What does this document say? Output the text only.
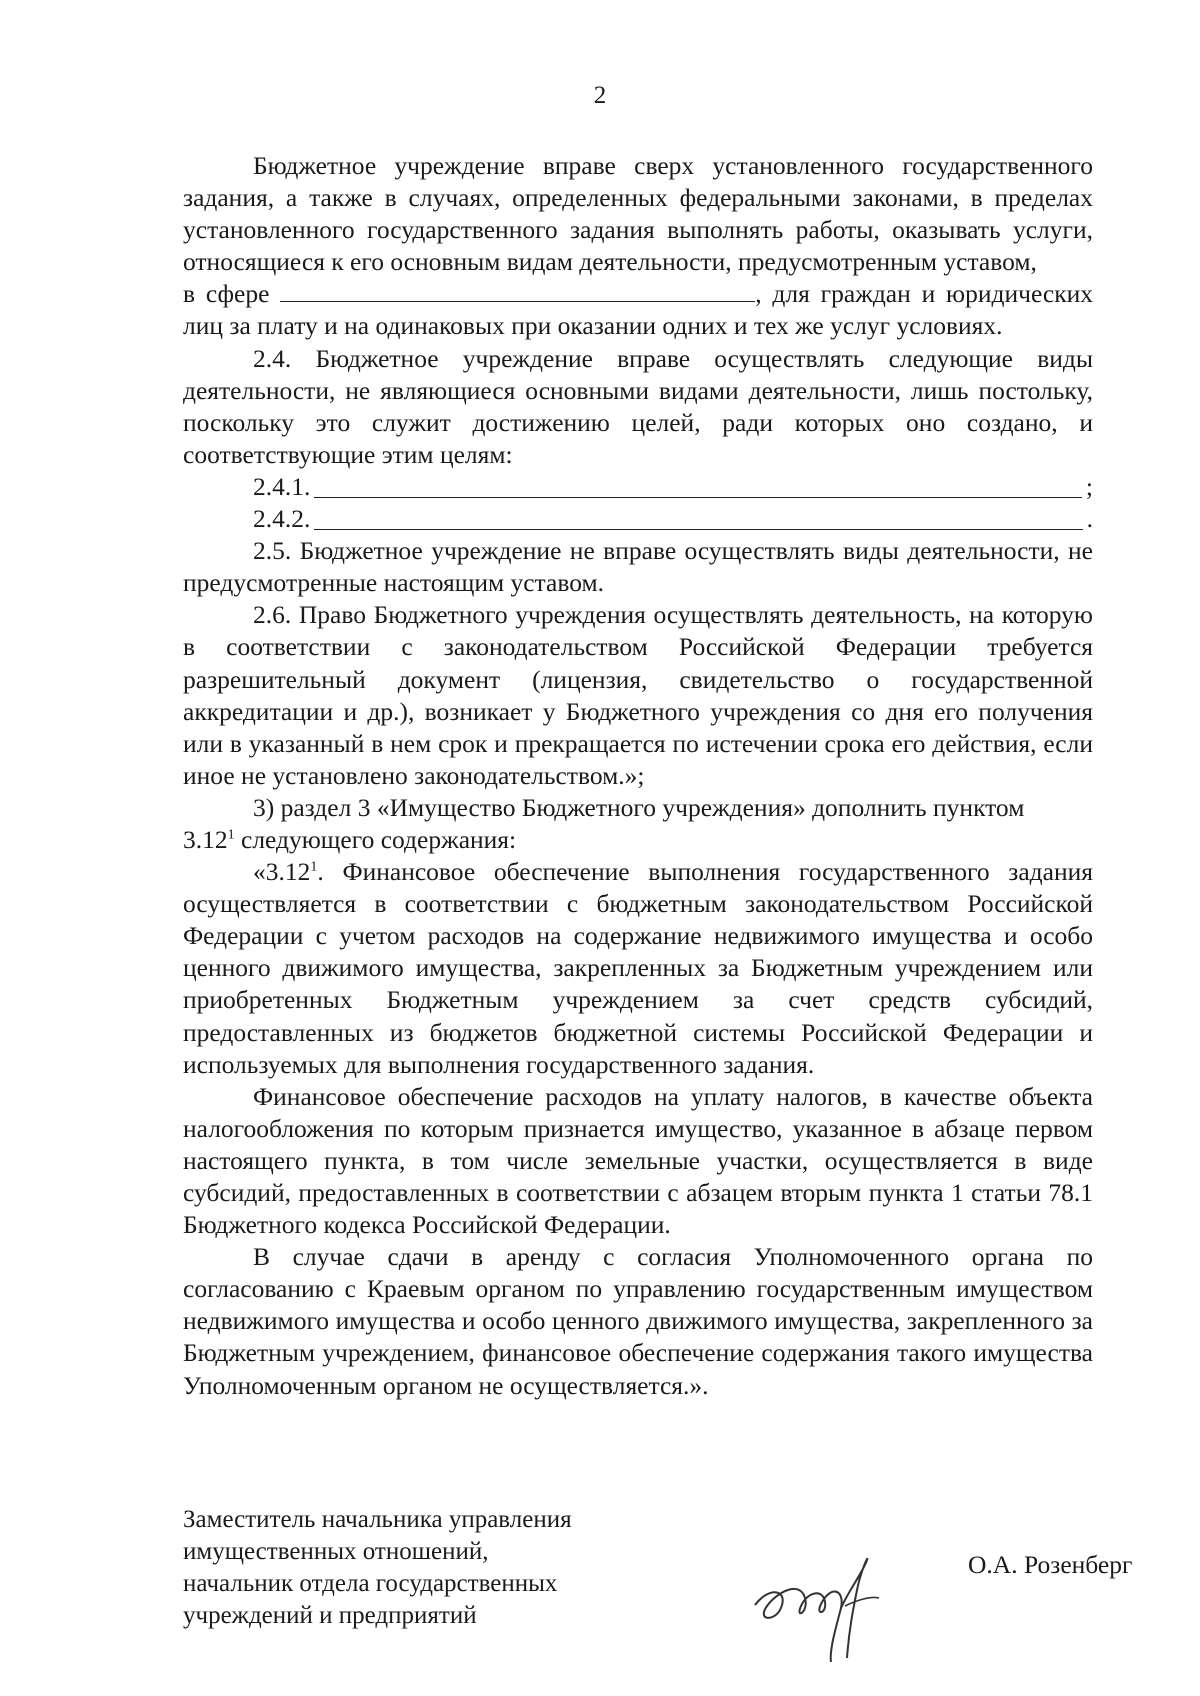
2

Бюджетное учреждение вправе сверх установленного государственного задания, а также в случаях, определенных федеральными законами, в пределах установленного государственного задания выполнять работы, оказывать услуги, относящиеся к его основным видам деятельности, предусмотренным уставом,

в сфере	, для граждан и юридических лиц за плату и на одинаковых при оказании одних и тех же услуг условиях.

2.4. Бюджетное учреждение вправе осуществлять следующие виды деятельности, не являющиеся основными видами деятельности, лишь постольку, поскольку это служит достижению целей, ради которых оно создано, и соответствующие этим целям:

2.4.1.	;
2.4.2.	.

2.5. Бюджетное учреждение не вправе осуществлять виды деятельности, не предусмотренные настоящим уставом.

2.6. Право Бюджетного учреждения осуществлять деятельность, на которую в соответствии с законодательством Российской Федерации требуется разрешительный документ (лицензия, свидетельство о государственной аккредитации и др.), возникает у Бюджетного учреждения со дня его получения или в указанный в нем срок и прекращается по истечении срока его действия, если иное не установлено законодательством.»;

3) раздел 3 «Имущество Бюджетного учреждения» дополнить пунктом

3.12$^1$ следующего содержания:

«3.12$^1$. Финансовое обеспечение выполнения государственного задания осуществляется в соответствии с бюджетным законодательством Российской Федерации с учетом расходов на содержание недвижимого имущества и особо ценного движимого имущества, закрепленных за Бюджетным учреждением или приобретенных Бюджетным учреждением за счет средств субсидий, предоставленных из бюджетов бюджетной системы Российской Федерации и используемых для выполнения государственного задания.

Финансовое обеспечение расходов на уплату налогов, в качестве объекта налогообложения по которым признается имущество, указанное в абзаце первом настоящего пункта, в том числе земельные участки, осуществляется в виде субсидий, предоставленных в соответствии с абзацем вторым пункта 1 статьи 78.1 Бюджетного кодекса Российской Федерации.

В случае сдачи в аренду с согласия Уполномоченного органа по согласованию с Краевым органом по управлению государственным имуществом недвижимого имущества и особо ценного движимого имущества, закрепленного за Бюджетным учреждением, финансовое обеспечение содержания такого имущества Уполномоченным органом не осуществляется.».

Заместитель начальника управления
имущественных отношений,
начальник отдела государственных
учреждений и предприятий
О.А. Розенберг
